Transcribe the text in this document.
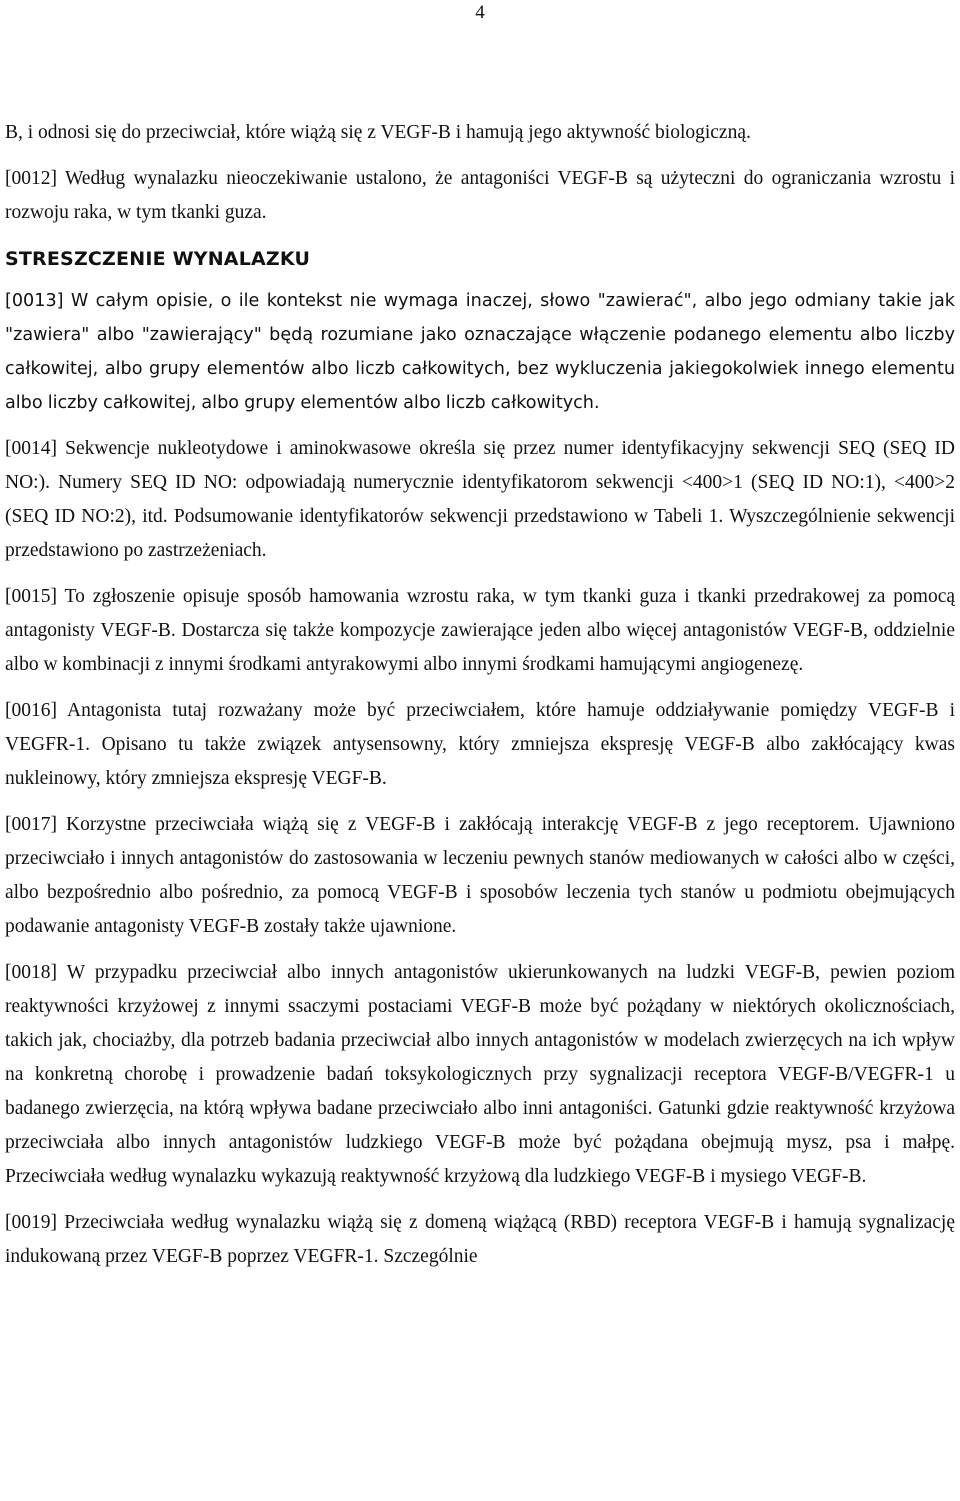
4

B, i odnosi się do przeciwciał, które wiążą się z VEGF-B i hamują jego aktywność biologiczną.

[0012] Według wynalazku nieoczekiwanie ustalono, że antagoniści VEGF-B są użyteczni do ograniczania wzrostu i rozwoju raka, w tym tkanki guza.

STRESZCZENIE WYNALAZKU

[0013] W całym opisie, o ile kontekst nie wymaga inaczej, słowo "zawierać", albo jego odmiany takie jak "zawiera" albo "zawierający" będą rozumiane jako oznaczające włączenie podanego elementu albo liczby całkowitej, albo grupy elementów albo liczb całkowitych, bez wykluczenia jakiegokolwiek innego elementu albo liczby całkowitej, albo grupy elementów albo liczb całkowitych.

[0014] Sekwencje nukleotydowe i aminokwasowe określa się przez numer identyfikacyjny sekwencji SEQ (SEQ ID NO:). Numery SEQ ID NO: odpowiadają numerycznie identyfikatorom sekwencji <400>1 (SEQ ID NO:1), <400>2 (SEQ ID NO:2), itd. Podsumowanie identyfikatorów sekwencji przedstawiono w Tabeli 1. Wyszczególnienie sekwencji przedstawiono po zastrzeżeniach.

[0015] To zgłoszenie opisuje sposób hamowania wzrostu raka, w tym tkanki guza i tkanki przedrakowej za pomocą antagonisty VEGF-B. Dostarcza się także kompozycje zawierające jeden albo więcej antagonistów VEGF-B, oddzielnie albo w kombinacji z innymi środkami antyrakowymi albo innymi środkami hamującymi angiogenezę.

[0016] Antagonista tutaj rozważany może być przeciwciałem, które hamuje oddziaływanie pomiędzy VEGF-B i VEGFR-1. Opisano tu także związek antysensowny, który zmniejsza ekspresję VEGF-B albo zakłócający kwas nukleinowy, który zmniejsza ekspresję VEGF-B.

[0017] Korzystne przeciwciała wiążą się z VEGF-B i zakłócają interakcję VEGF-B z jego receptorem. Ujawniono przeciwciało i innych antagonistów do zastosowania w leczeniu pewnych stanów mediowanych w całości albo w części, albo bezpośrednio albo pośrednio, za pomocą VEGF-B i sposobów leczenia tych stanów u podmiotu obejmujących podawanie antagonisty VEGF-B zostały także ujawnione.

[0018] W przypadku przeciwciał albo innych antagonistów ukierunkowanych na ludzki VEGF-B, pewien poziom reaktywności krzyżowej z innymi ssaczymi postaciami VEGF-B może być pożądany w niektórych okolicznościach, takich jak, chociażby, dla potrzeb badania przeciwciał albo innych antagonistów w modelach zwierzęcych na ich wpływ na konkretną chorobę i prowadzenie badań toksykologicznych przy sygnalizacji receptora VEGF-B/VEGFR-1 u badanego zwierzęcia, na którą wpływa badane przeciwciało albo inni antagoniści. Gatunki gdzie reaktywność krzyżowa przeciwciała albo innych antagonistów ludzkiego VEGF-B może być pożądana obejmują mysz, psa i małpę. Przeciwciała według wynalazku wykazują reaktywność krzyżową dla ludzkiego VEGF-B i mysiego VEGF-B.

[0019] Przeciwciała według wynalazku wiążą się z domeną wiążącą (RBD) receptora VEGF-B i hamują sygnalizację indukowaną przez VEGF-B poprzez VEGFR-1. Szczególnie
